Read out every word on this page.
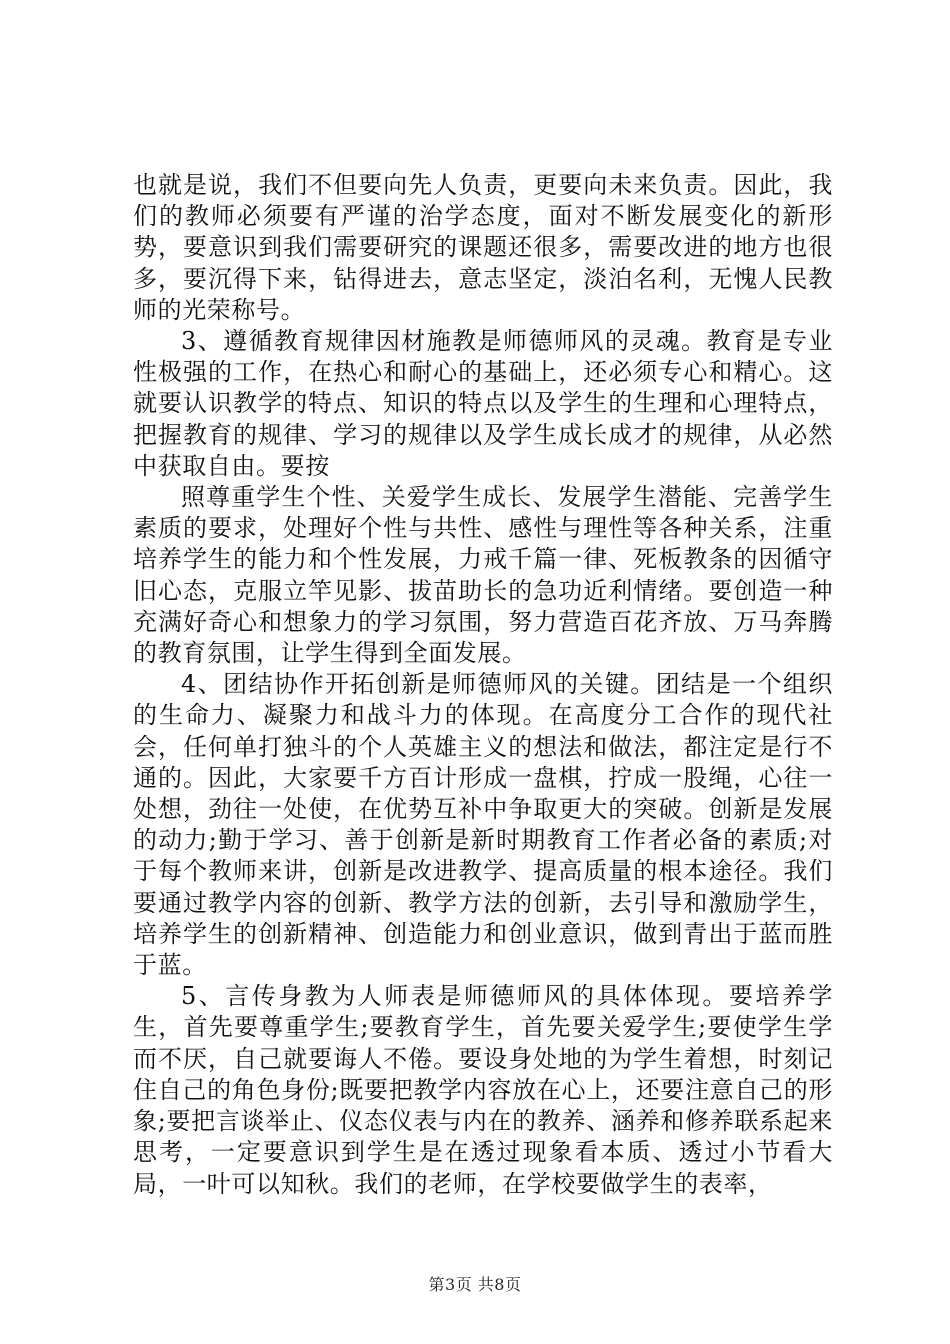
也就是说，我们不但要向先人负责，更要向未来负责。因此，我们的教师必须要有严谨的治学态度，面对不断发展变化的新形势，要意识到我们需要研究的课题还很多，需要改进的地方也很多，要沉得下来，钻得进去，意志坚定，淡泊名利，无愧人民教师的光荣称号。

3、遵循教育规律因材施教是师德师风的灵魂。教育是专业性极强的工作，在热心和耐心的基础上，还必须专心和精心。这就要认识教学的特点、知识的特点以及学生的生理和心理特点，把握教育的规律、学习的规律以及学生成长成才的规律，从必然中获取自由。要按

照尊重学生个性、关爱学生成长、发展学生潜能、完善学生素质的要求，处理好个性与共性、感性与理性等各种关系，注重培养学生的能力和个性发展，力戒千篇一律、死板教条的因循守旧心态，克服立竿见影、拔苗助长的急功近利情绪。要创造一种充满好奇心和想象力的学习氛围，努力营造百花齐放、万马奔腾的教育氛围，让学生得到全面发展。

4、团结协作开拓创新是师德师风的关键。团结是一个组织的生命力、凝聚力和战斗力的体现。在高度分工合作的现代社会，任何单打独斗的个人英雄主义的想法和做法，都注定是行不通的。因此，大家要千方百计形成一盘棋，拧成一股绳，心往一处想，劲往一处使，在优势互补中争取更大的突破。创新是发展的动力;勤于学习、善于创新是新时期教育工作者必备的素质;对于每个教师来讲，创新是改进教学、提高质量的根本途径。我们要通过教学内容的创新、教学方法的创新，去引导和激励学生，培养学生的创新精神、创造能力和创业意识，做到青出于蓝而胜于蓝。

5、言传身教为人师表是师德师风的具体体现。要培养学生，首先要尊重学生;要教育学生，首先要关爱学生;要使学生学而不厌，自己就要诲人不倦。要设身处地的为学生着想，时刻记住自己的角色身份;既要把教学内容放在心上，还要注意自己的形象;要把言谈举止、仪态仪表与内在的教养、涵养和修养联系起来思考，一定要意识到学生是在透过现象看本质、透过小节看大局，一叶可以知秋。我们的老师，在学校要做学生的表率，

第3页 共8页
